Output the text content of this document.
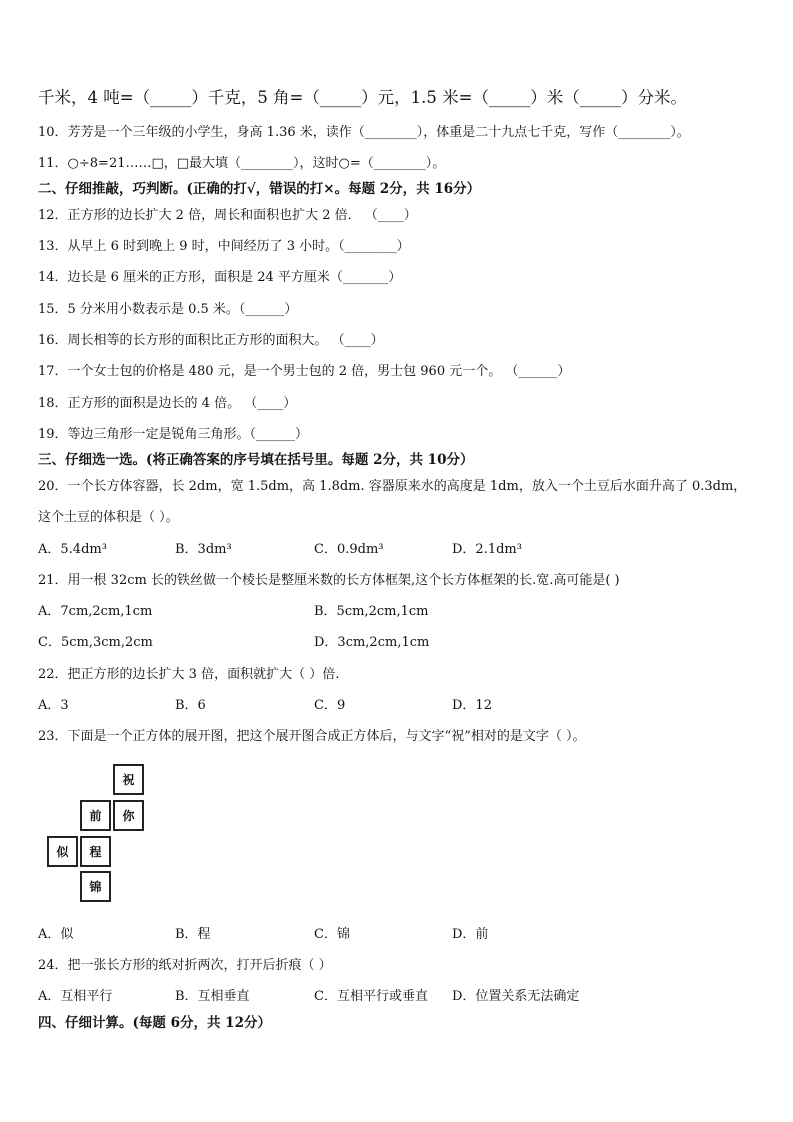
千米，4 吨=（_____）千克，5 角=（_____）元，1.5 米=（_____）米（_____）分米。
10．芳芳是一个三年级的小学生，身高 1.36 米，读作（________），体重是二十九点七千克，写作（________）。
11．○÷8=21……□，□最大填（________），这时○=（________）。
二、仔细推敲，巧判断。(正确的打√，错误的打×。每题 2分，共 16分）
12．正方形的边长扩大 2 倍，周长和面积也扩大 2 倍． （____）
13．从早上 6 时到晚上 9 时，中间经历了 3 小时。（________）
14．边长是 6 厘米的正方形，面积是 24 平方厘米（_______）
15．5 分米用小数表示是 0.5 米。（______）
16．周长相等的长方形的面积比正方形的面积大。 （____）
17．一个女士包的价格是 480 元，是一个男士包的 2 倍，男士包 960 元一个。 （______）
18．正方形的面积是边长的 4 倍。 （____）
19．等边三角形一定是锐角三角形。（______）
三、仔细选一选。(将正确答案的序号填在括号里。每题 2分，共 10分）
20．一个长方体容器，长 2dm，宽 1.5dm，高 1.8dm. 容器原来水的高度是 1dm，放入一个土豆后水面升高了 0.3dm，
这个土豆的体积是（ ）。
A．5.4dm³	B．3dm³	C．0.9dm³	D．2.1dm³
21．用一根 32cm 长的铁丝做一个棱长是整厘米数的长方体框架,这个长方体框架的长.宽.高可能是( )
A．7cm,2cm,1cm	B．5cm,2cm,1cm
C．5cm,3cm,2cm	D．3cm,2cm,1cm
22．把正方形的边长扩大 3 倍，面积就扩大（ ）倍.
A．3	B．6	C．9	D．12
23．下面是一个正方体的展开图，把这个展开图合成正方体后，与文字“祝”相对的是文字（ ）。
祝
前	你
似	程
锦
A．似	B．程	C．锦	D．前
24．把一张长方形的纸对折两次，打开后折痕（ ）
A．互相平行	B．互相垂直	C．互相平行或垂直 D．位置关系无法确定
四、仔细计算。(每题 6分，共 12分）
